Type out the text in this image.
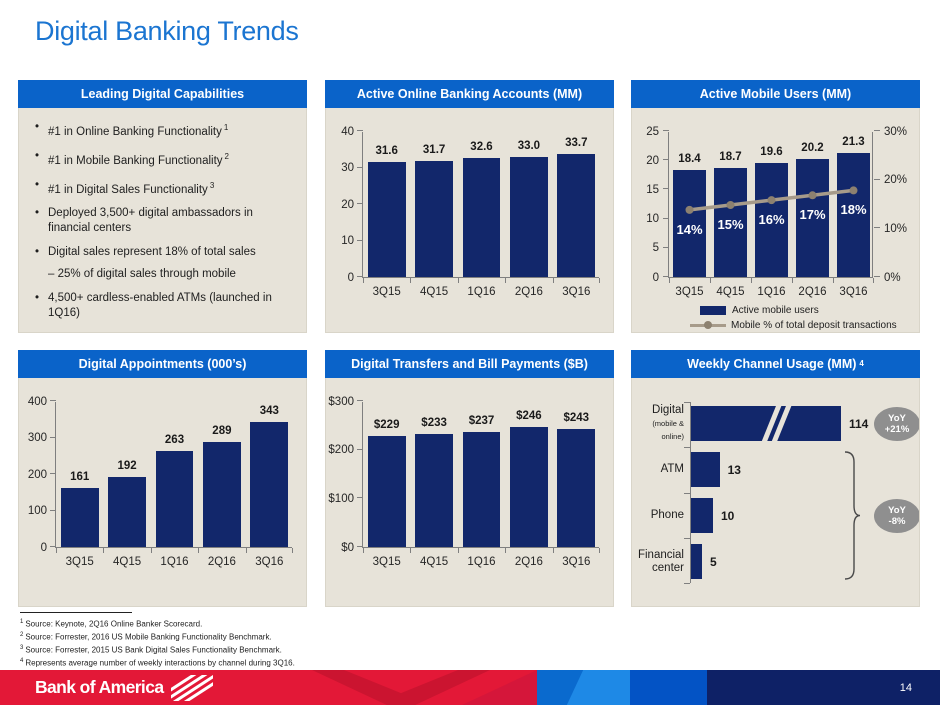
Digital Banking Trends
Leading Digital Capabilities
• #1 in Online Banking Functionality $^1$
• #1 in Mobile Banking Functionality $^2$
• #1 in Digital Sales Functionality $^3$
• Deployed 3,500+ digital ambassadors in financial centers
• Digital sales represent 18% of total sales
– 25% of digital sales through mobile
• 4,500+ cardless-enabled ATMs (launched in 1Q16)
Active Online Banking Accounts (MM)
0
10
20
30
40
31.6
3Q15
31.7
4Q15
32.6
1Q16
33.0
2Q16
33.7
3Q16
Active Mobile Users (MM)
0
5
10
15
20
25
0%
10%
20%
30%
18.4
3Q15
18.7
4Q15
19.6
1Q16
20.2
2Q16
21.3
3Q16
14% 15% 16% 17% 18%
Active mobile users
Mobile % of total deposit transactions
Digital Appointments (000’s)
0
100
200
300
400
161
3Q15
192
4Q15
263
1Q16
289
2Q16
343
3Q16
Digital Transfers and Bill Payments ($B)
$0
$100
$200
$300
$229
3Q15
$233
4Q15
$237
1Q16
$246
2Q16
$243
3Q16
Weekly Channel Usage (MM) $^4$
Digital
(mobile & online)
114 YoY
+21%
ATM	13
Phone	10
Financial center 5
YoY
-8%
$^1$ Source: Keynote, 2Q16 Online Banker Scorecard.
$^2$ Source: Forrester, 2016 US Mobile Banking Functionality Benchmark.
$^3$ Source: Forrester, 2015 US Bank Digital Sales Functionality Benchmark.
$^4$ Represents average number of weekly interactions by channel during 3Q16.
Bank of America	14
